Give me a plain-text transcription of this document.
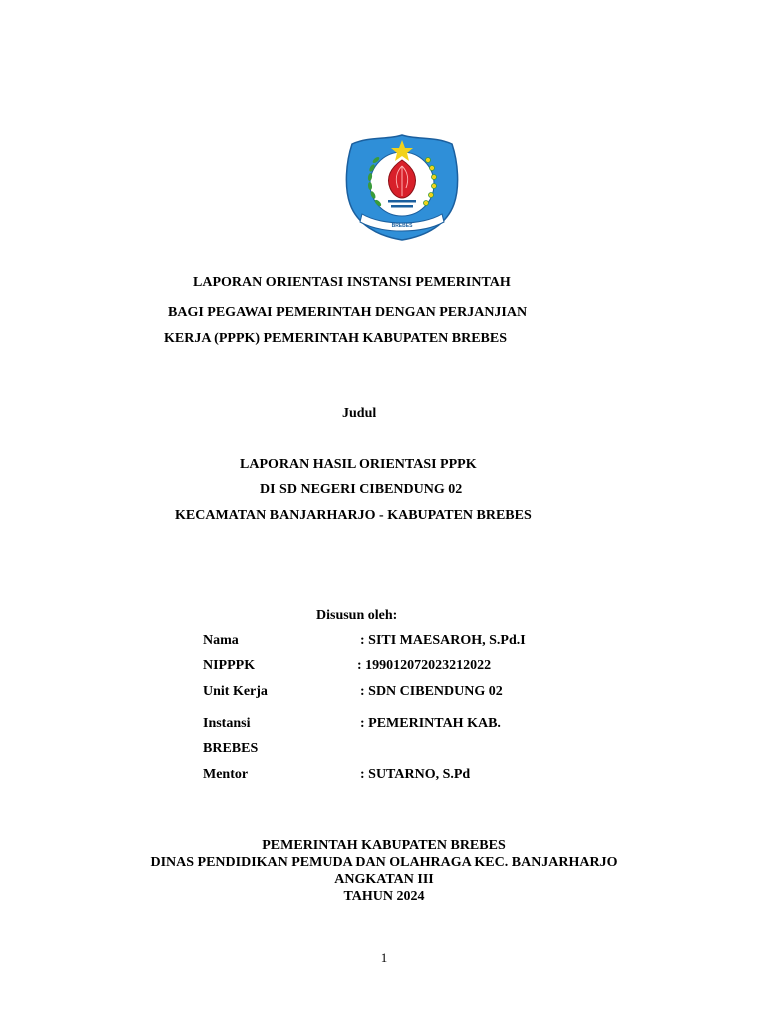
BREBES
LAPORAN ORIENTASI INSTANSI PEMERINTAH
BAGI PEGAWAI PEMERINTAH DENGAN PERJANJIAN
KERJA (PPPK) PEMERINTAH KABUPATEN BREBES
Judul
LAPORAN HASIL ORIENTASI PPPK
DI SD NEGERI CIBENDUNG 02
KECAMATAN BANJARHARJO - KABUPATEN BREBES
Disusun oleh:
Nama	: SITI MAESAROH, S.Pd.I
NIPPPK	: 199012072023212022
Unit Kerja	: SDN CIBENDUNG 02
Instansi	: PEMERINTAH KAB.
BREBES
Mentor	: SUTARNO, S.Pd
PEMERINTAH KABUPATEN BREBES
DINAS PENDIDIKAN PEMUDA DAN OLAHRAGA KEC. BANJARHARJO
ANGKATAN III
TAHUN 2024
1
